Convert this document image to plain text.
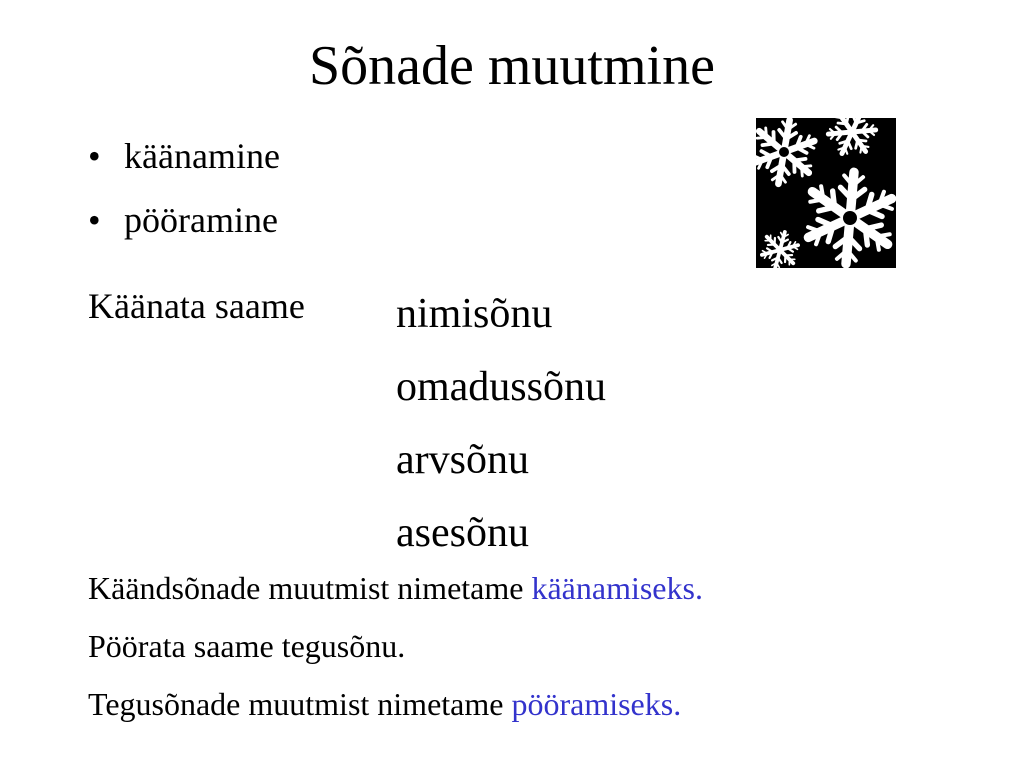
Sõnade muutmine
• käänamine
• pööramine
Käänata saame nimisõnu
omadussõnu
arvsõnu
asesõnu
Käändsõnade muutmist nimetame käänamiseks.
Pöörata saame tegusõnu.
Tegusõnade muutmist nimetame pööramiseks.
